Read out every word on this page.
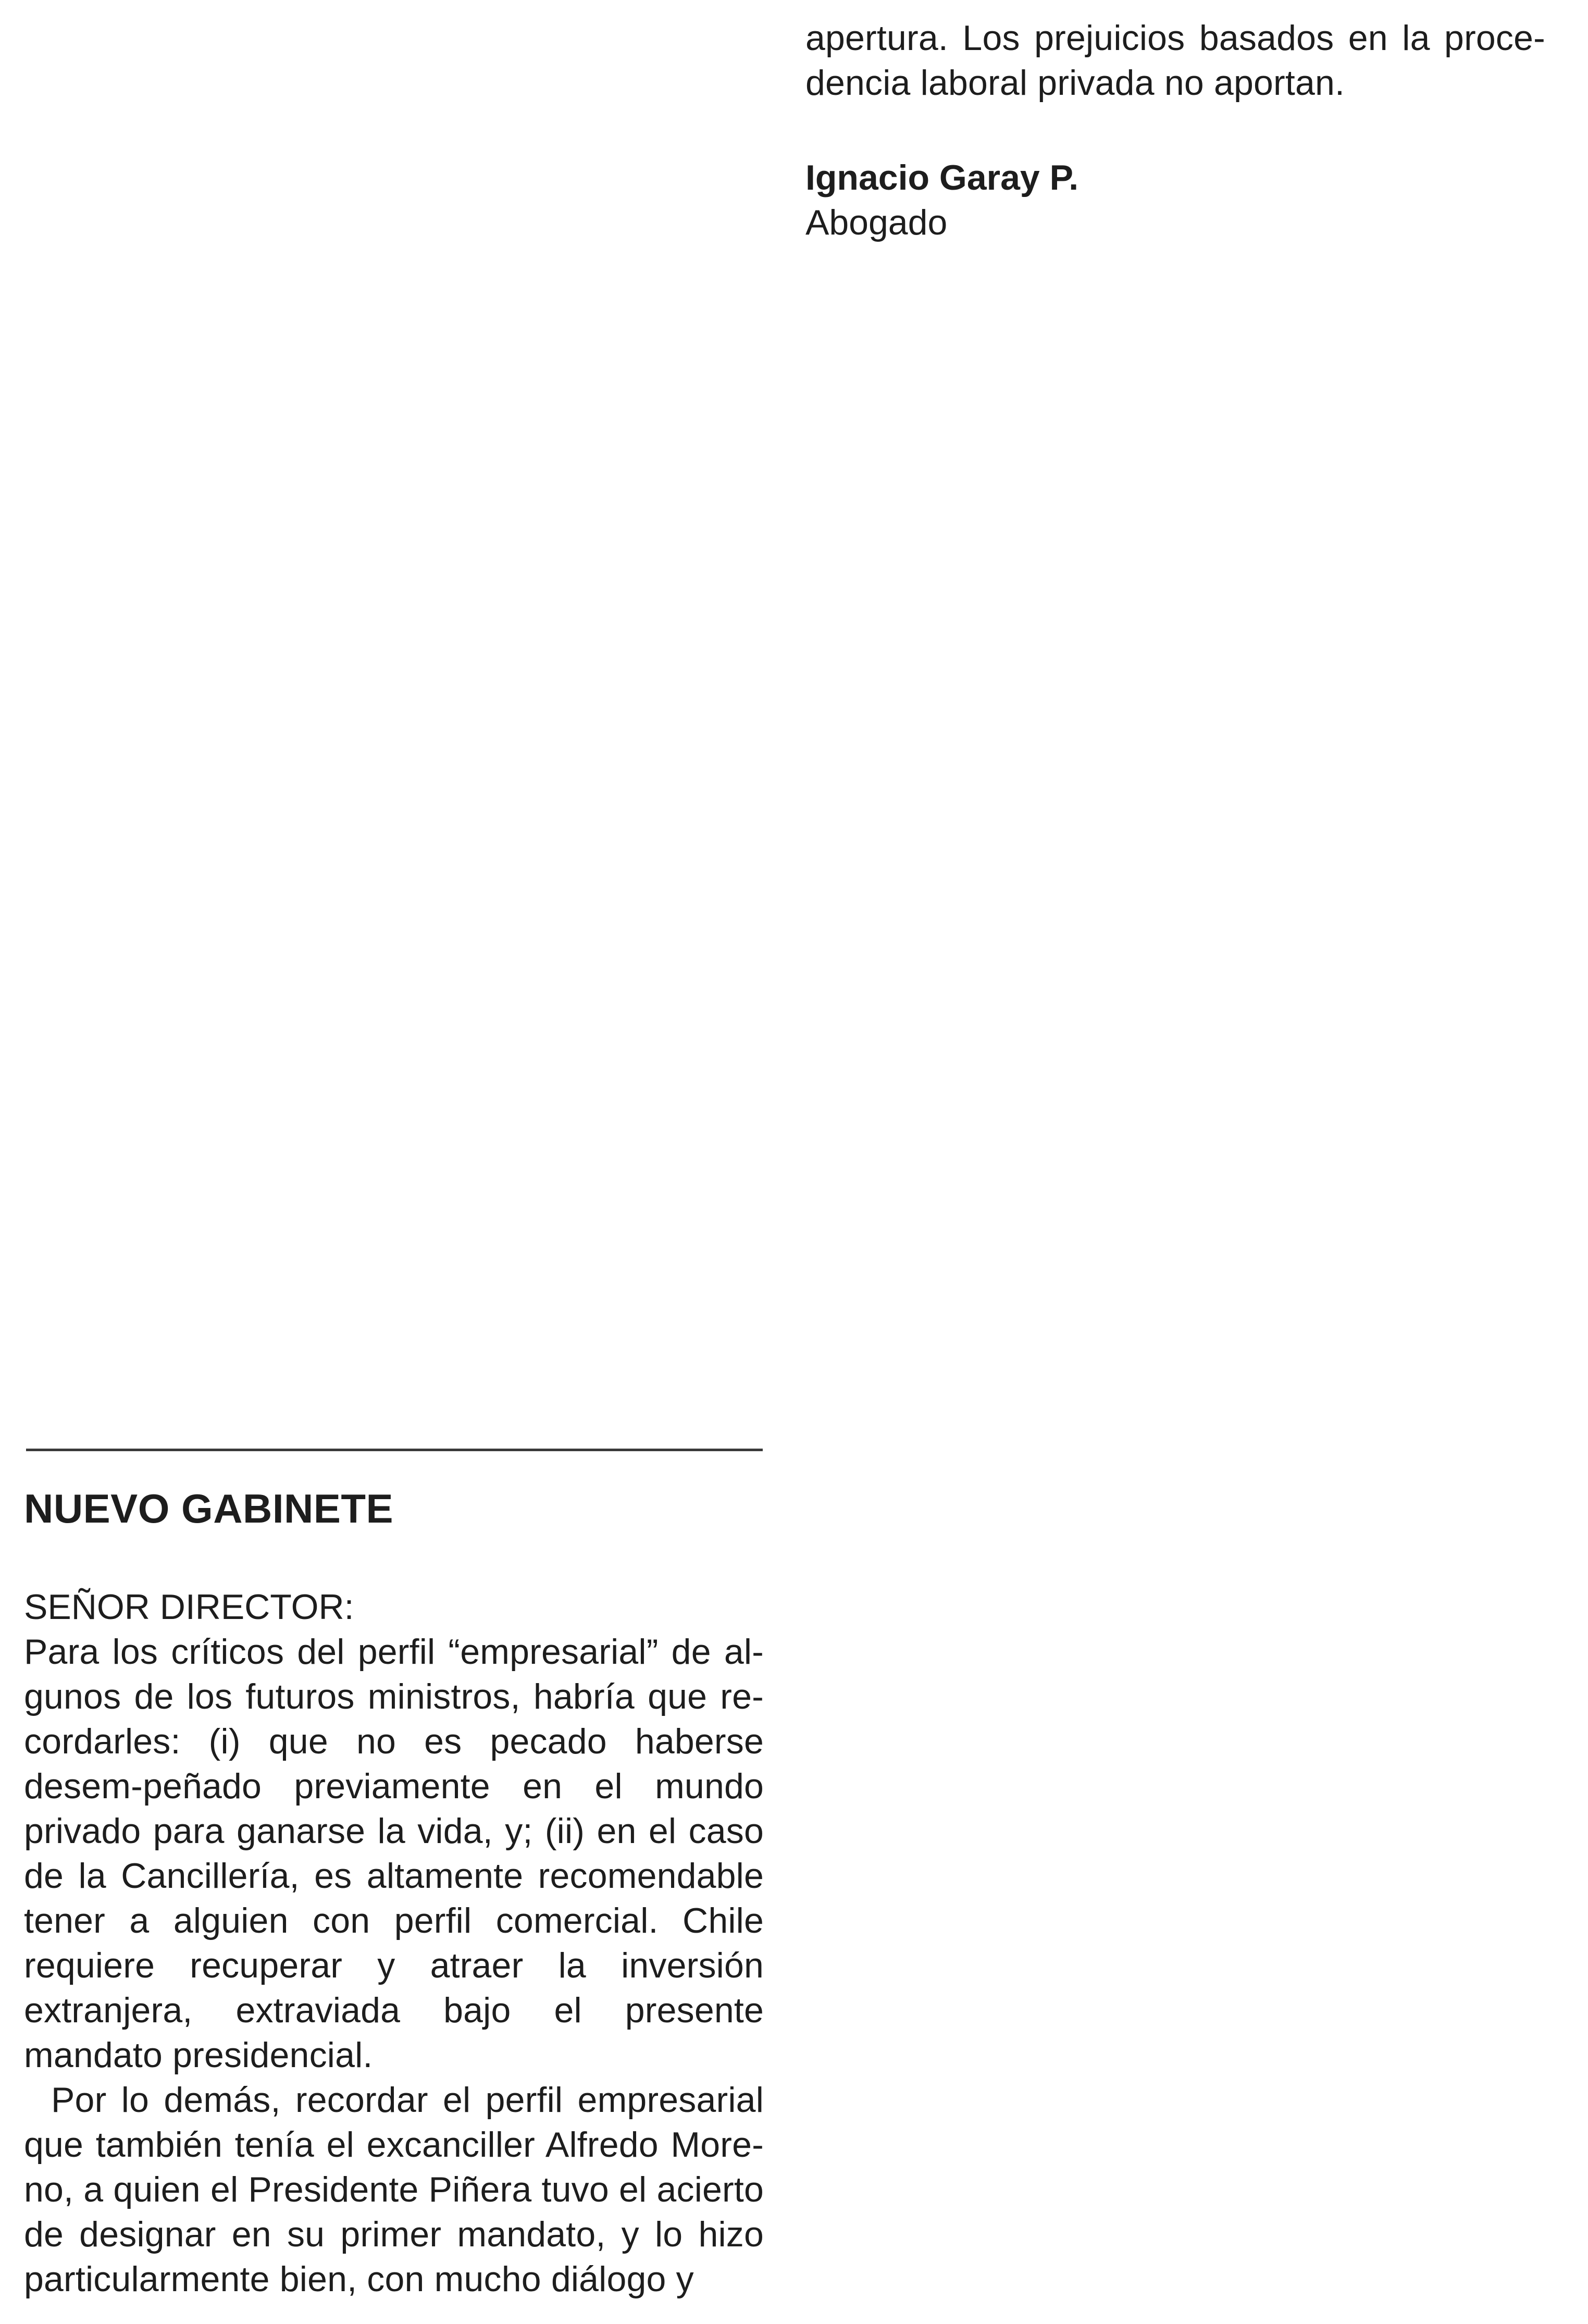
apertura. Los prejuicios basados en la proce-dencia laboral privada no aportan.

Ignacio Garay P.
Abogado
NUEVO GABINETE
SEÑOR DIRECTOR:

Para los críticos del perfil “empresarial” de al-gunos de los futuros ministros, habría que re-cordarles: (i) que no es pecado haberse desem-peñado previamente en el mundo privado para ganarse la vida, y; (ii) en el caso de la Cancillería, es altamente recomendable tener a alguien con perfil comercial. Chile requiere recuperar y atraer la inversión extranjera, extraviada bajo el presente mandato presidencial.

Por lo demás, recordar el perfil empresarial que también tenía el excanciller Alfredo More-no, a quien el Presidente Piñera tuvo el acierto de designar en su primer mandato, y lo hizo particularmente bien, con mucho diálogo y
